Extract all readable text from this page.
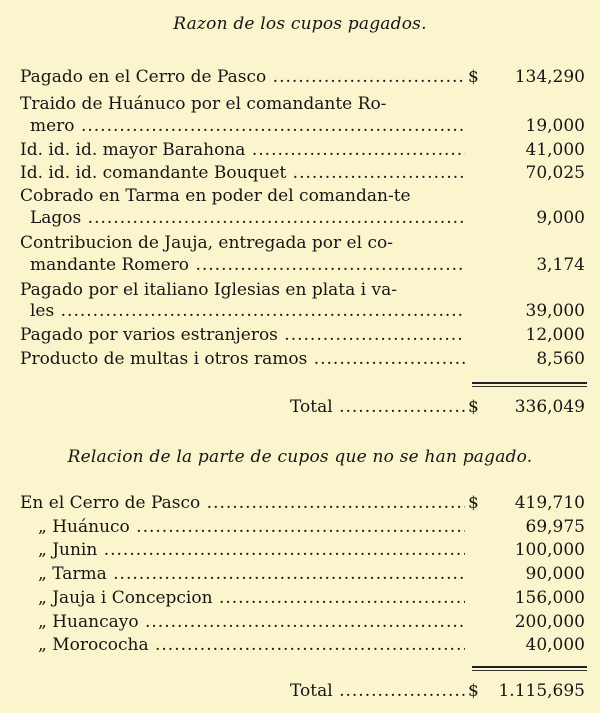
Razon de los cupos pagados.
Pagado en el Cerro de Pasco .....	$	134,290
Traido de Huánuco por el comandante Ro-
mero .....	19,000
Id. id. id. mayor Barahona .....	41,000
Id. id. id. comandante Bouquet .....	70,025
Cobrado en Tarma en poder del comandan-te
Lagos .....	9,000
Contribucion de Jauja, entregada por el co-
mandante Romero .....	3,174
Pagado por el italiano Iglesias en plata i va-
les .....	39,000
Pagado por varios estranjeros .....	12,000
Producto de multas i otros ramos .....	8,560
Total .....	$	336,049
Relacion de la parte de cupos que no se han pagado.
En el Cerro de Pasco .....	$	419,710
„ Huánuco .....	69,975
„ Junin .....	100,000
„ Tarma .....	90,000
„ Jauja i Concepcion .....	156,000
„ Huancayo .....	200,000
„ Morococha .....	40,000
Total .....	$	1.115,695
